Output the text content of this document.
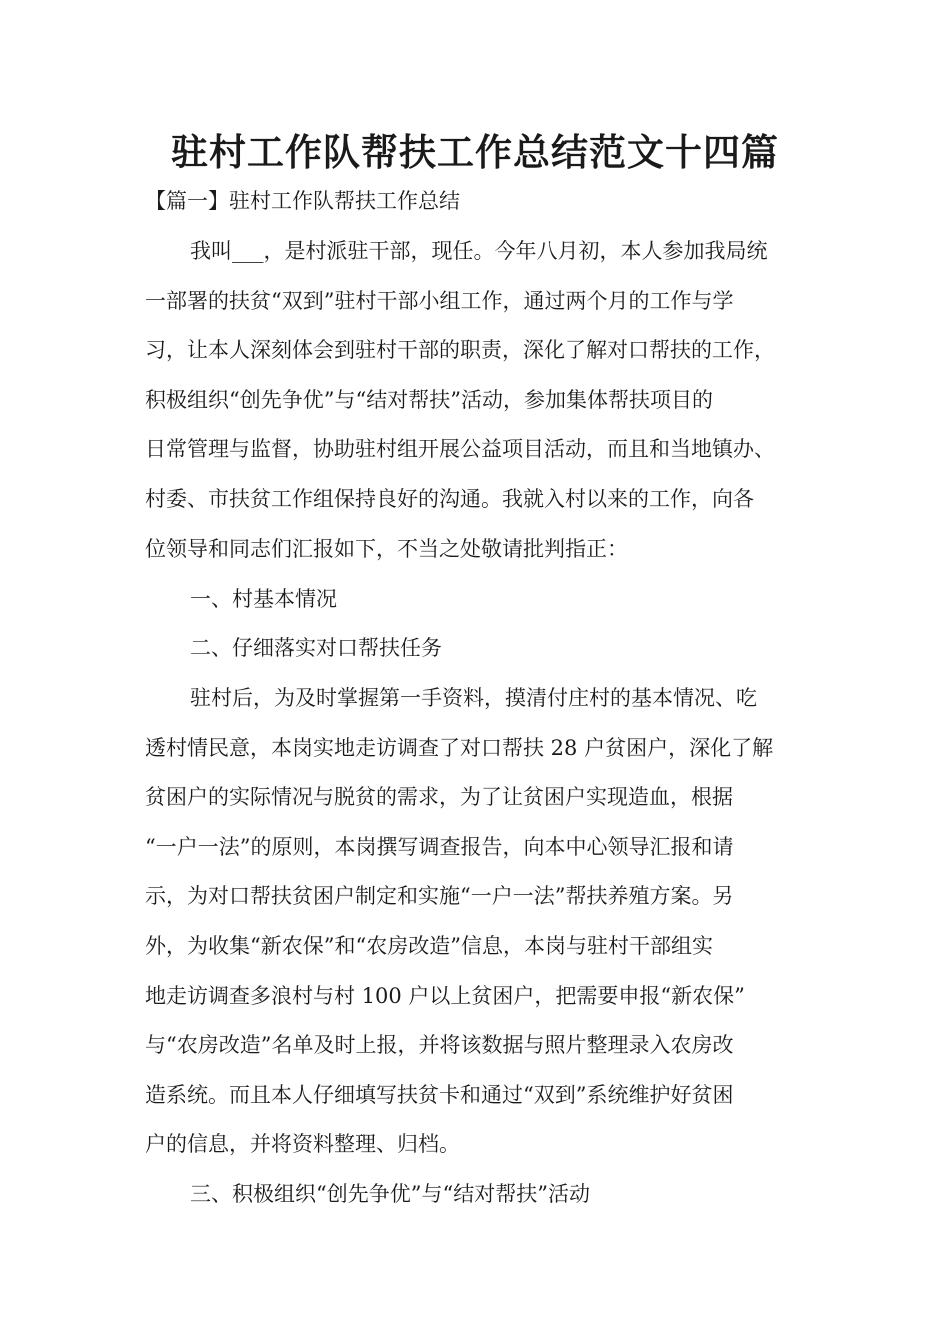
驻村工作队帮扶工作总结范文十四篇
【篇一】驻村工作队帮扶工作总结
我叫___，是村派驻干部，现任。今年八月初，本人参加我局统
一部署的扶贫“双到”驻村干部小组工作，通过两个月的工作与学
习，让本人深刻体会到驻村干部的职责，深化了解对口帮扶的工作，
积极组织“创先争优”与“结对帮扶”活动，参加集体帮扶项目的
日常管理与监督，协助驻村组开展公益项目活动，而且和当地镇办、
村委、市扶贫工作组保持良好的沟通。我就入村以来的工作，向各
位领导和同志们汇报如下，不当之处敬请批判指正：
一、村基本情况
二、仔细落实对口帮扶任务
驻村后，为及时掌握第一手资料，摸清付庄村的基本情况、吃
透村情民意，本岗实地走访调查了对口帮扶 28 户贫困户，深化了解
贫困户的实际情况与脱贫的需求，为了让贫困户实现造血，根据
“一户一法”的原则，本岗撰写调查报告，向本中心领导汇报和请
示，为对口帮扶贫困户制定和实施“一户一法”帮扶养殖方案。另
外，为收集“新农保”和“农房改造”信息，本岗与驻村干部组实
地走访调查多浪村与村 100 户以上贫困户，把需要申报“新农保”
与“农房改造”名单及时上报，并将该数据与照片整理录入农房改
造系统。而且本人仔细填写扶贫卡和通过“双到”系统维护好贫困
户的信息，并将资料整理、归档。
三、积极组织“创先争优”与“结对帮扶”活动
